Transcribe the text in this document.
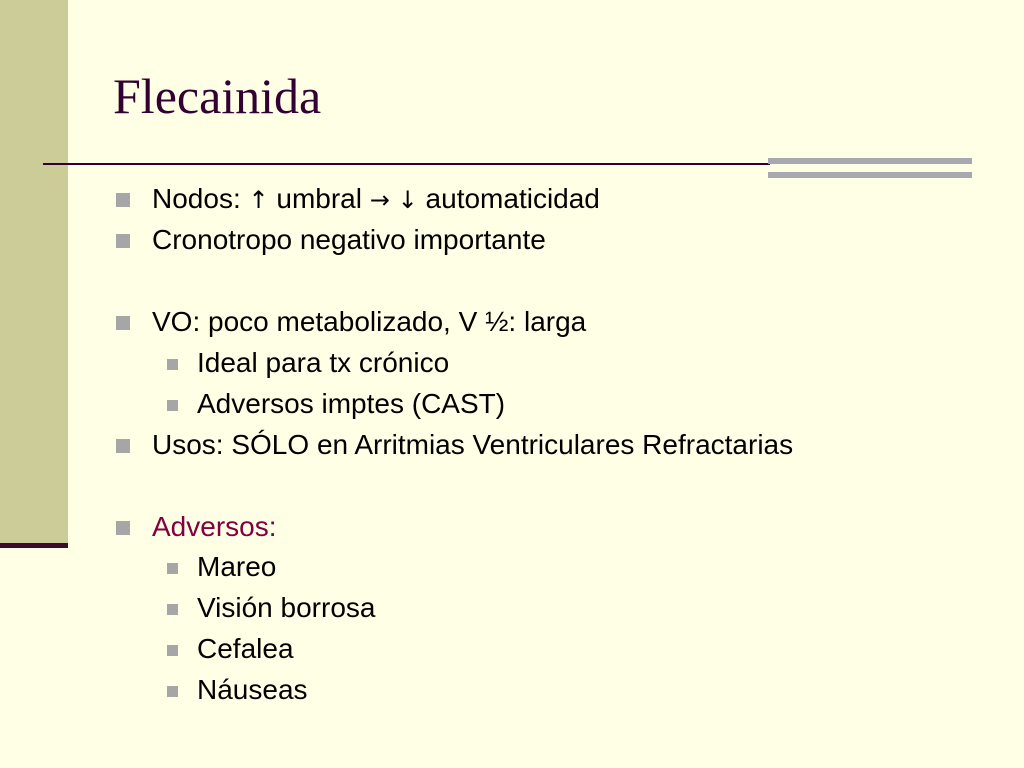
Flecainida
Nodos: ↑ umbral → ↓ automaticidad
Cronotropo negativo importante
VO: poco metabolizado, V ½: larga
Ideal para tx crónico
Adversos imptes (CAST)
Usos: SÓLO en Arritmias Ventriculares Refractarias
Adversos:
Mareo
Visión borrosa
Cefalea
Náuseas
